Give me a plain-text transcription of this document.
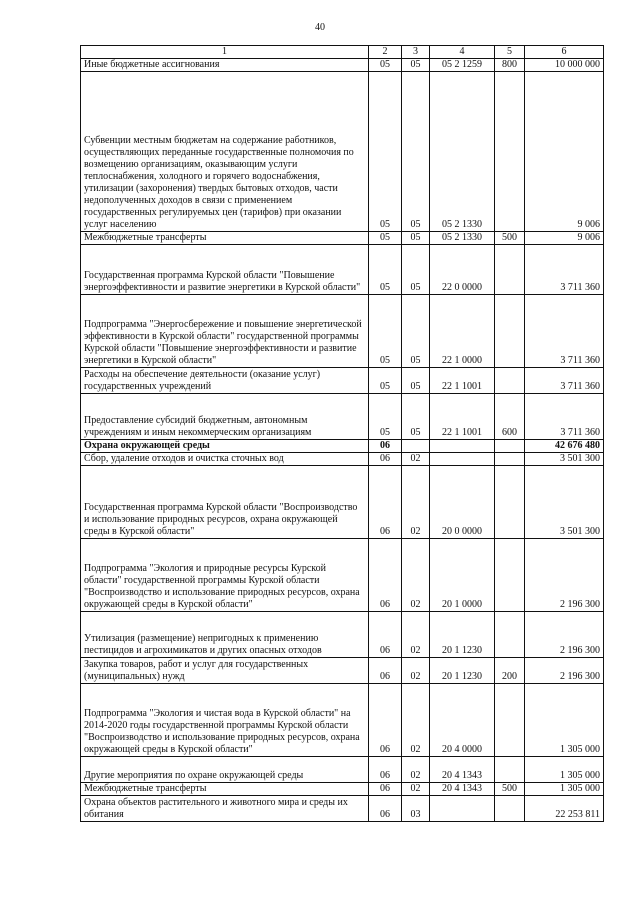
40
1	2	3	4	5	6
Иные бюджетные ассигнования	05	05	05 2 1259	800	10 000 000
Субвенции местным бюджетам на содержание работников, осуществляющих переданные государственные полномочия по возмещению организациям, оказывающим услуги теплоснабжения, холодного и горячего водоснабжения, утилизации (захоронения) твердых бытовых отходов, части недополученных доходов в связи с применением государственных регулируемых цен (тарифов) при оказании услуг населению	05	05	05 2 1330		9 006
Межбюджетные трансферты	05	05	05 2 1330	500	9 006
Государственная программа Курской области "Повышение энергоэффективности и развитие энергетики в Курской области"	05	05	22 0 0000		3 711 360
Подпрограмма "Энергосбережение и повышение энергетической эффективности в Курской области" государственной программы Курской области "Повышение энергоэффективности и развитие энергетики в Курской области"	05	05	22 1 0000		3 711 360
Расходы на обеспечение деятельности (оказание услуг) государственных учреждений	05	05	22 1 1001		3 711 360
Предоставление субсидий бюджетным, автономным учреждениям и иным некоммерческим организациям	05	05	22 1 1001	600	3 711 360
Охрана окружающей среды	06				42 676 480
Сбор, удаление отходов и очистка сточных вод	06	02			3 501 300
Государственная программа Курской области "Воспроизводство и использование природных ресурсов, охрана окружающей среды в Курской области"	06	02	20 0 0000		3 501 300
Подпрограмма "Экология и природные ресурсы Курской области" государственной программы Курской области "Воспроизводство и использование природных ресурсов, охрана окружающей среды в Курской области"	06	02	20 1 0000		2 196 300
Утилизация (размещение) непригодных к применению пестицидов и агрохимикатов и других опасных отходов	06	02	20 1 1230		2 196 300
Закупка товаров, работ и услуг для государственных (муниципальных) нужд	06	02	20 1 1230	200	2 196 300
Подпрограмма "Экология и чистая вода в Курской области" на 2014-2020 годы государственной программы Курской области "Воспроизводство и использование природных ресурсов, охрана окружающей среды в Курской области"	06	02	20 4 0000		1 305 000
Другие мероприятия по охране окружающей среды	06	02	20 4 1343		1 305 000
Межбюджетные трансферты	06	02	20 4 1343	500	1 305 000
Охрана объектов растительного и животного мира и среды их обитания	06	03			22 253 811
